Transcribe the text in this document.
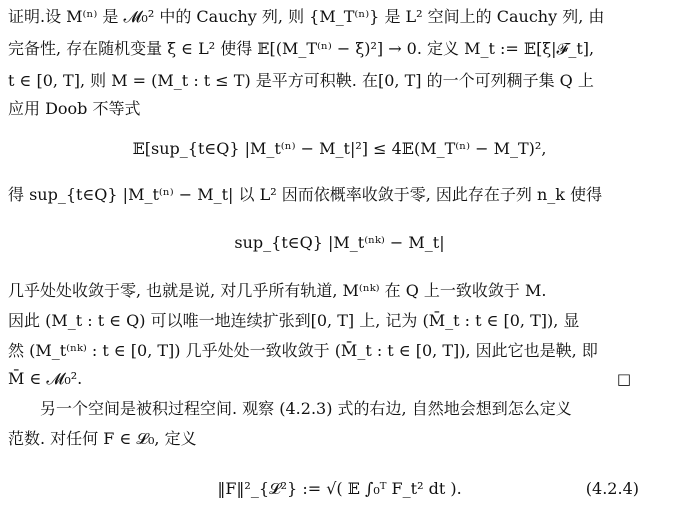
证明.设 M⁽ⁿ⁾ 是 𝓜₀² 中的 Cauchy 列, 则 {M_T⁽ⁿ⁾} 是 L² 空间上的 Cauchy 列, 由
完备性, 存在随机变量 ξ ∈ L² 使得 𝔼[(M_T⁽ⁿ⁾ − ξ)²] → 0. 定义 M_t := 𝔼[ξ|𝓕_t],
t ∈ [0, T], 则 M = (M_t : t ≤ T) 是平方可积鞅. 在[0, T] 的一个可列稠子集 Q 上
应用 Doob 不等式
𝔼[sup_{t∈Q} |M_t⁽ⁿ⁾ − M_t|²] ≤ 4𝔼(M_T⁽ⁿ⁾ − M_T)²,
得 sup_{t∈Q} |M_t⁽ⁿ⁾ − M_t| 以 L² 因而依概率收敛于零, 因此存在子列 n_k 使得
sup_{t∈Q} |M_t⁽ⁿᵏ⁾ − M_t|
几乎处处收敛于零, 也就是说, 对几乎所有轨道, M⁽ⁿᵏ⁾ 在 Q 上一致收敛于 M.
因此 (M_t : t ∈ Q) 可以唯一地连续扩张到[0, T] 上, 记为 (M̄_t : t ∈ [0, T]), 显
然 (M_t⁽ⁿᵏ⁾ : t ∈ [0, T]) 几乎处处一致收敛于 (M̄_t : t ∈ [0, T]), 因此它也是鞅, 即
M̄ ∈ 𝓜₀².	□
另一个空间是被积过程空间. 观察 (4.2.3) 式的右边, 自然地会想到怎么定义
范数. 对任何 F ∈ 𝓛₀, 定义
‖F‖²_{𝓛²} := √( 𝔼 ∫₀ᵀ F_t² dt ).	(4.2.4)
